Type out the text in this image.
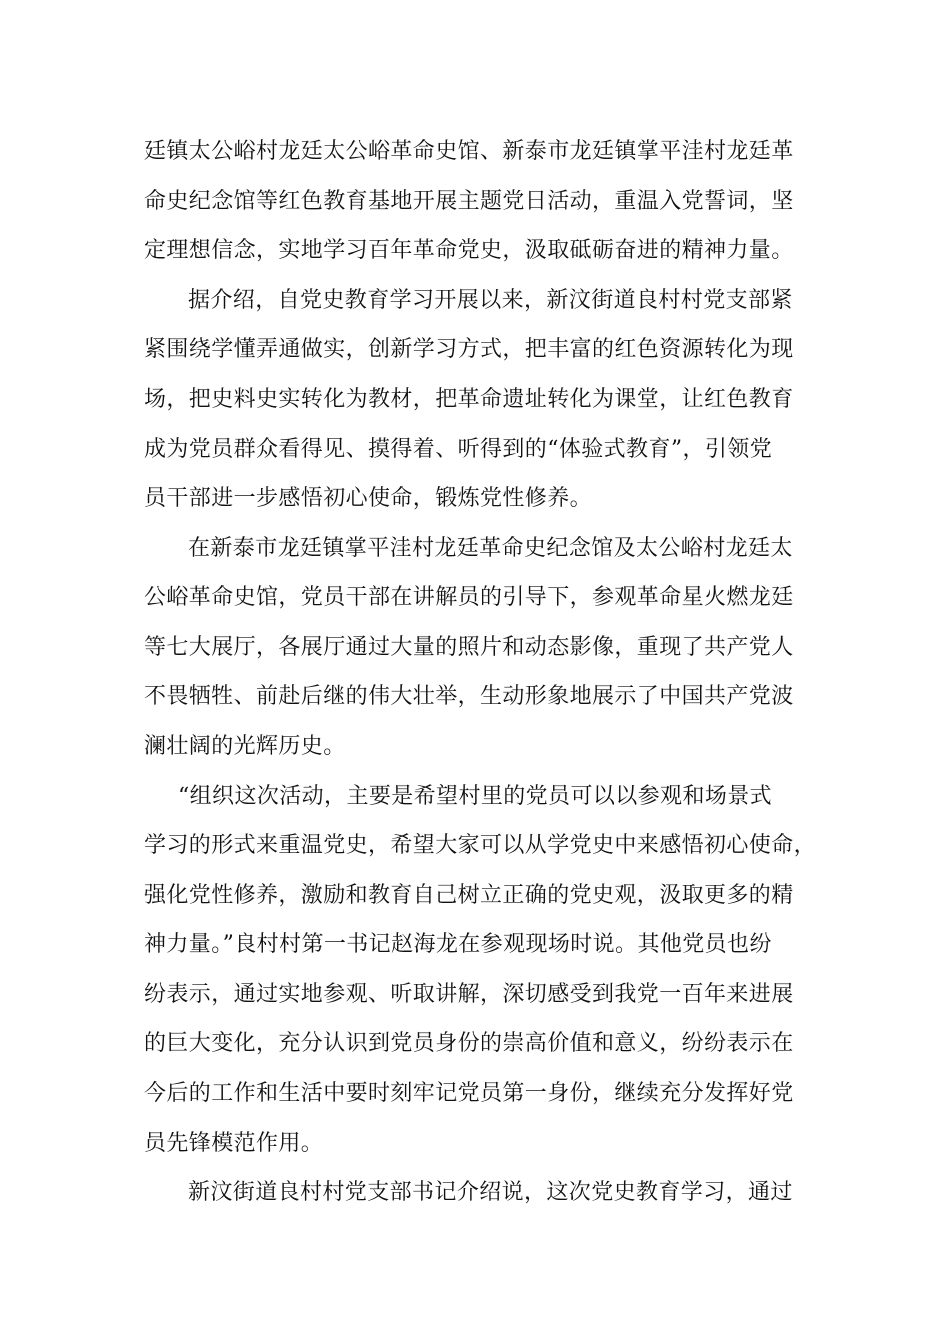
廷镇太公峪村龙廷太公峪革命史馆、新泰市龙廷镇掌平洼村龙廷革
命史纪念馆等红色教育基地开展主题党日活动，重温入党誓词，坚
定理想信念，实地学习百年革命党史，汲取砥砺奋进的精神力量。
据介绍，自党史教育学习开展以来，新汶街道良村村党支部紧
紧围绕学懂弄通做实，创新学习方式，把丰富的红色资源转化为现
场，把史料史实转化为教材，把革命遗址转化为课堂，让红色教育
成为党员群众看得见、摸得着、听得到的“体验式教育”，引领党
员干部进一步感悟初心使命，锻炼党性修养。
在新泰市龙廷镇掌平洼村龙廷革命史纪念馆及太公峪村龙廷太
公峪革命史馆，党员干部在讲解员的引导下，参观革命星火燃龙廷
等七大展厅，各展厅通过大量的照片和动态影像，重现了共产党人
不畏牺牲、前赴后继的伟大壮举，生动形象地展示了中国共产党波
澜壮阔的光辉历史。
“组织这次活动，主要是希望村里的党员可以以参观和场景式
学习的形式来重温党史，希望大家可以从学党史中来感悟初心使命，
强化党性修养，激励和教育自己树立正确的党史观，汲取更多的精
神力量。”良村村第一书记赵海龙在参观现场时说。其他党员也纷
纷表示，通过实地参观、听取讲解，深切感受到我党一百年来进展
的巨大变化，充分认识到党员身份的崇高价值和意义，纷纷表示在
今后的工作和生活中要时刻牢记党员第一身份，继续充分发挥好党
员先锋模范作用。
新汶街道良村村党支部书记介绍说，这次党史教育学习，通过
